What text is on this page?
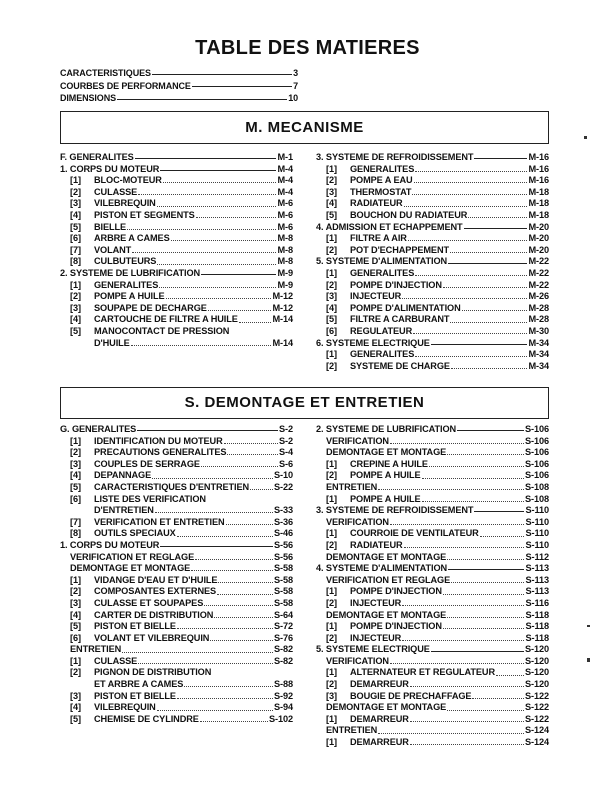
TABLE DES MATIERES
CARACTERISTIQUES	3
COURBES DE PERFORMANCE	7
DIMENSIONS	10
M. MECANISME
F. GENERALITES	M-1
1. CORPS DU MOTEUR	M-4
[1] BLOC-MOTEUR	M-4
[2] CULASSE	M-4
[3] VILEBREQUIN	M-6
[4] PISTON ET SEGMENTS	M-6
[5] BIELLE	M-6
[6] ARBRE A CAMES	M-8
[7] VOLANT	M-8
[8] CULBUTEURS	M-8
2. SYSTEME DE LUBRIFICATION	M-9
[1] GENERALITES	M-9
[2] POMPE A HUILE	M-12
[3] SOUPAPE DE DECHARGE	M-12
[4] CARTOUCHE DE FILTRE A HUILE	M-14
[5] MANOCONTACT DE PRESSION
D'HUILE	M-14
3. SYSTEME DE REFROIDISSEMENT	M-16
[1] GENERALITES	M-16
[2] POMPE A EAU	M-16
[3] THERMOSTAT	M-18
[4] RADIATEUR	M-18
[5] BOUCHON DU RADIATEUR	M-18
4. ADMISSION ET ECHAPPEMENT	M-20
[1] FILTRE A AIR	M-20
[2] POT D'ECHAPPEMENT	M-20
5. SYSTEME D'ALIMENTATION	M-22
[1] GENERALITES	M-22
[2] POMPE D'INJECTION	M-22
[3] INJECTEUR	M-26
[4] POMPE D'ALIMENTATION	M-28
[5] FILTRE A CARBURANT	M-28
[6] REGULATEUR	M-30
6. SYSTEME ELECTRIQUE	M-34
[1] GENERALITES	M-34
[2] SYSTEME DE CHARGE	M-34
S. DEMONTAGE ET ENTRETIEN
G. GENERALITES	S-2
[1] IDENTIFICATION DU MOTEUR	S-2
[2] PRECAUTIONS GENERALITES	S-4
[3] COUPLES DE SERRAGE	S-6
[4] DEPANNAGE	S-10
[5] CARACTERISTIQUES D'ENTRETIEN	S-22
[6] LISTE DES VERIFICATION
D'ENTRETIEN	S-33
[7] VERIFICATION ET ENTRETIEN	S-36
[8] OUTILS SPECIAUX	S-46
1. CORPS DU MOTEUR	S-56
VERIFICATION ET REGLAGE	S-56
DEMONTAGE ET MONTAGE	S-58
[1] VIDANGE D'EAU ET D'HUILE	S-58
[2] COMPOSANTES EXTERNES	S-58
[3] CULASSE ET SOUPAPES	S-58
[4] CARTER DE DISTRIBUTION	S-64
[5] PISTON ET BIELLE	S-72
[6] VOLANT ET VILEBREQUIN	S-76
ENTRETIEN	S-82
[1] CULASSE	S-82
[2] PIGNON DE DISTRIBUTION
ET ARBRE A CAMES	S-88
[3] PISTON ET BIELLE	S-92
[4] VILEBREQUIN	S-94
[5] CHEMISE DE CYLINDRE	S-102
2. SYSTEME DE LUBRIFICATION	S-106
VERIFICATION	S-106
DEMONTAGE ET MONTAGE	S-106
[1] CREPINE A HUILE	S-106
[2] POMPE A HUILE	S-106
ENTRETIEN	S-108
[1] POMPE A HUILE	S-108
3. SYSTEME DE REFROIDISSEMENT	S-110
VERIFICATION	S-110
[1] COURROIE DE VENTILATEUR	S-110
[2] RADIATEUR	S-110
DEMONTAGE ET MONTAGE	S-112
4. SYSTEME D'ALIMENTATION	S-113
VERIFICATION ET REGLAGE	S-113
[1] POMPE D'INJECTION	S-113
[2] INJECTEUR	S-116
DEMONTAGE ET MONTAGE	S-118
[1] POMPE D'INJECTION	S-118
[2] INJECTEUR	S-118
5. SYSTEME ELECTRIQUE	S-120
VERIFICATION	S-120
[1] ALTERNATEUR ET REGULATEUR	S-120
[2] DEMARREUR	S-120
[3] BOUGIE DE PRECHAFFAGE	S-122
DEMONTAGE ET MONTAGE	S-122
[1] DEMARREUR	S-122
ENTRETIEN	S-124
[1] DEMARREUR	S-124
